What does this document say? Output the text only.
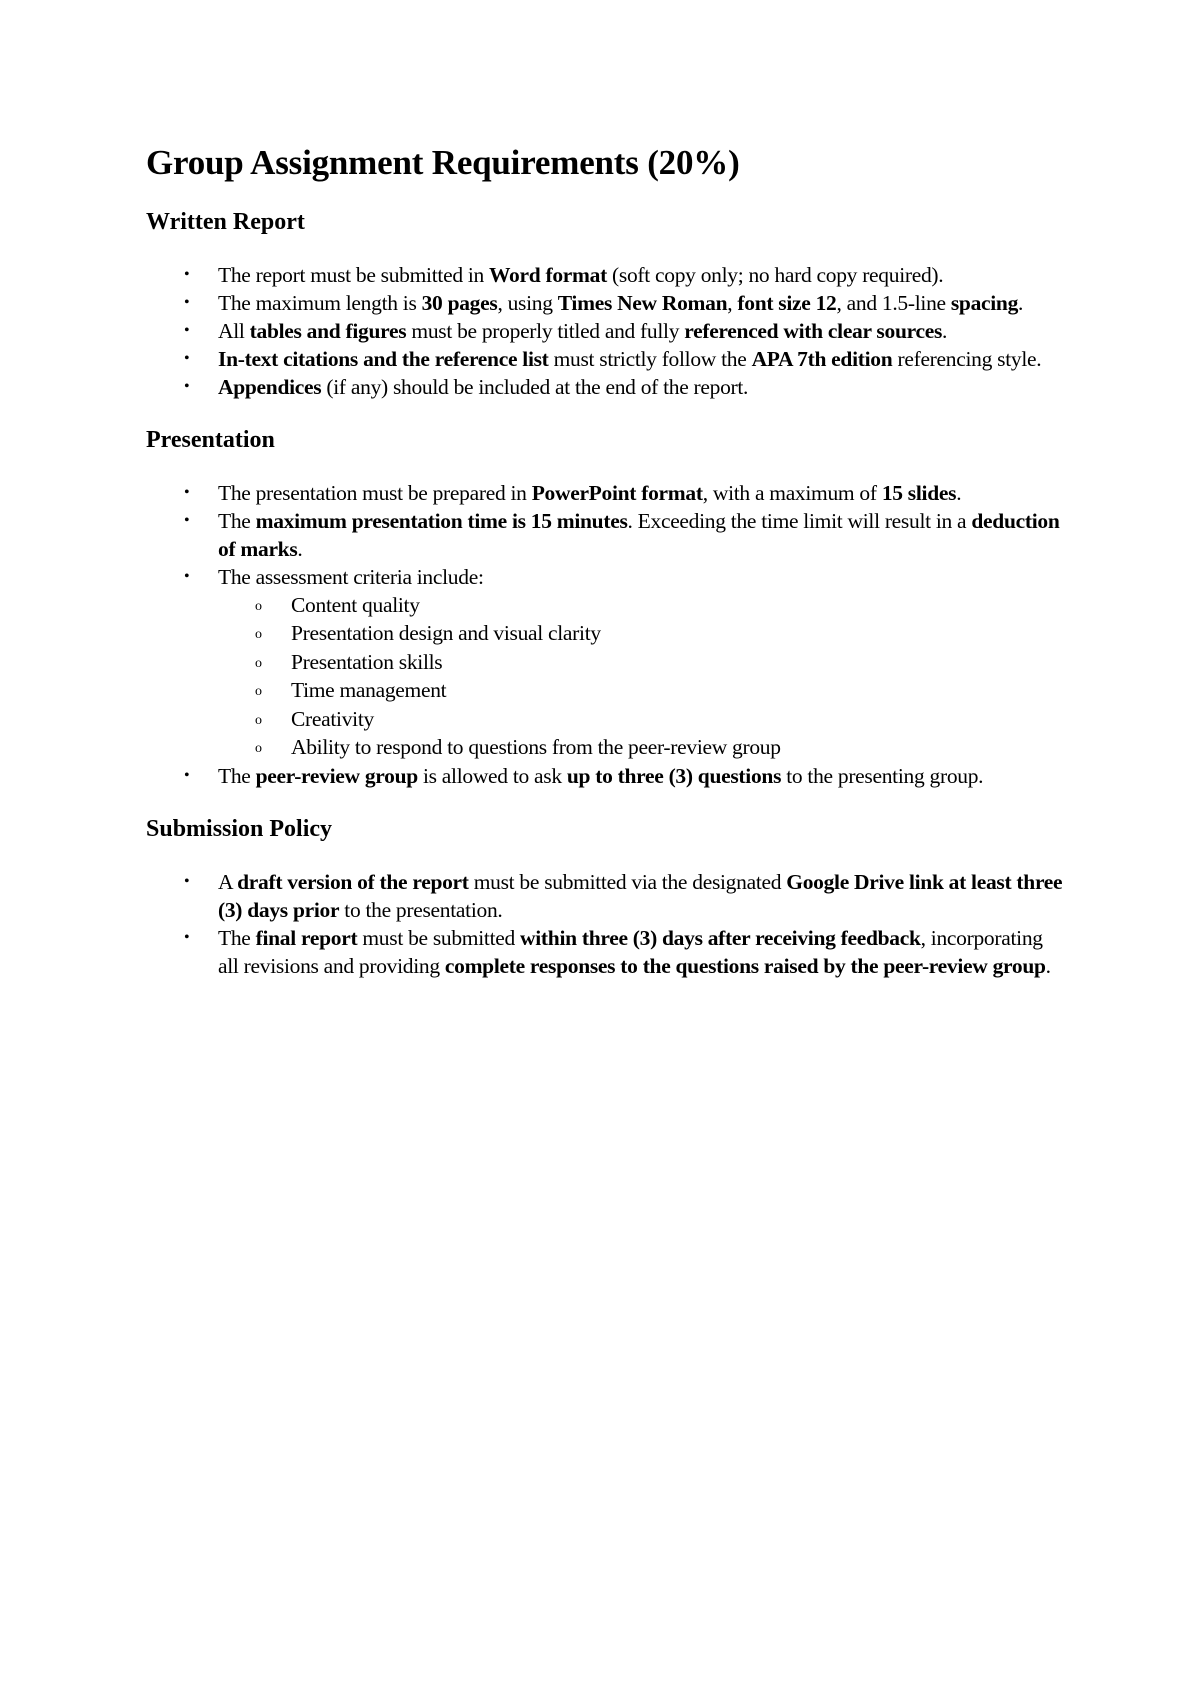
Group Assignment Requirements (20%)
Written Report
• The report must be submitted in Word format (soft copy only; no hard copy required).
• The maximum length is 30 pages, using Times New Roman, font size 12, and 1.5-line spacing.
• All tables and figures must be properly titled and fully referenced with clear sources.
• In-text citations and the reference list must strictly follow the APA 7th edition referencing style.
• Appendices (if any) should be included at the end of the report.
Presentation
• The presentation must be prepared in PowerPoint format, with a maximum of 15 slides.
• The maximum presentation time is 15 minutes. Exceeding the time limit will result in a deduction of marks.
• The assessment criteria include:
o Content quality
o Presentation design and visual clarity
o Presentation skills
o Time management
o Creativity
o Ability to respond to questions from the peer-review group
• The peer-review group is allowed to ask up to three (3) questions to the presenting group.
Submission Policy
• A draft version of the report must be submitted via the designated Google Drive link at least three (3) days prior to the presentation.
• The final report must be submitted within three (3) days after receiving feedback, incorporating all revisions and providing complete responses to the questions raised by the peer-review group.
